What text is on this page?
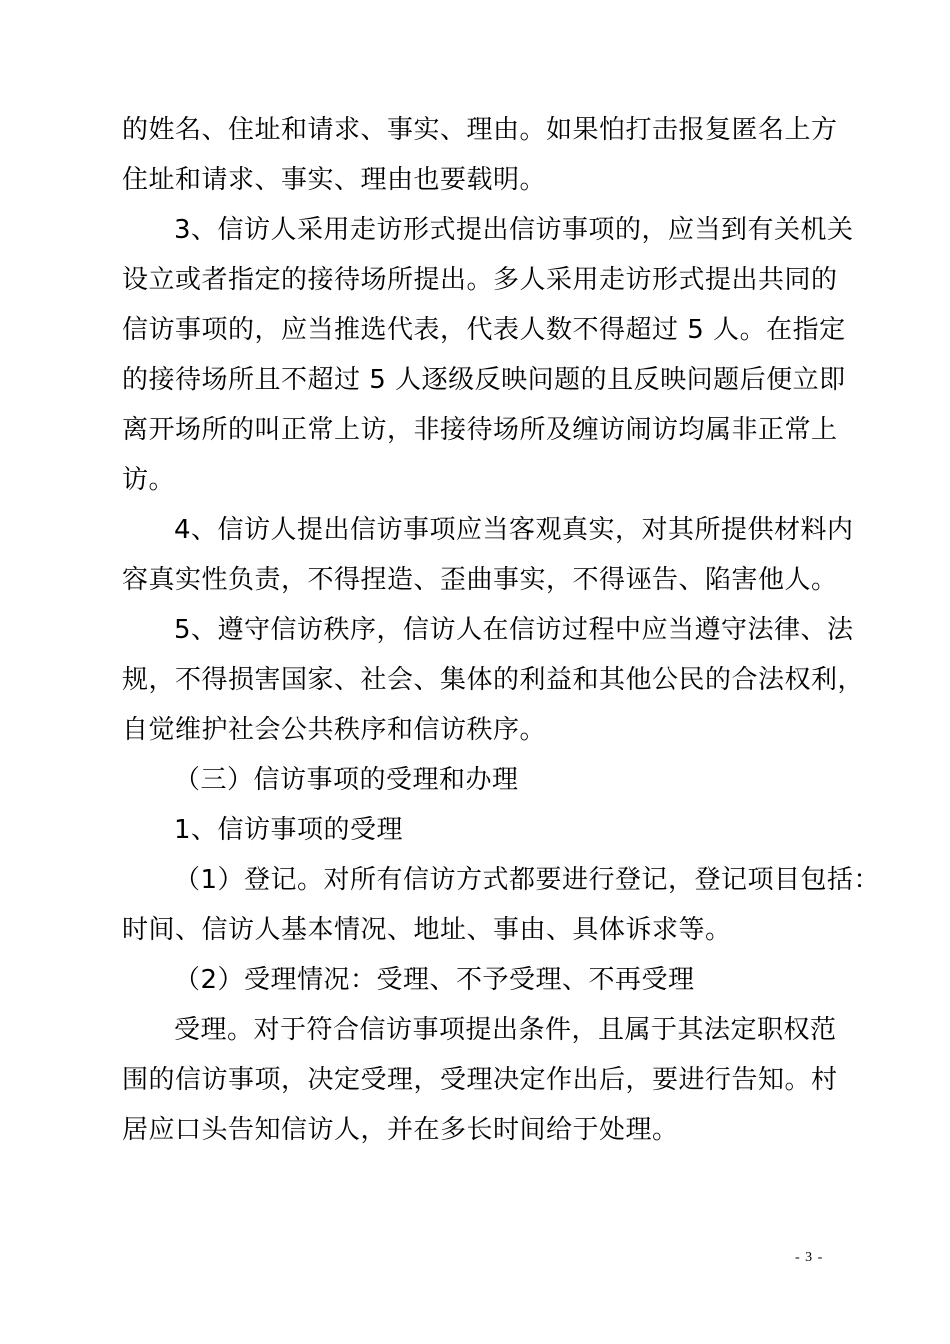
的姓名、住址和请求、事实、理由。如果怕打击报复匿名上方
住址和请求、事实、理由也要载明。
3、信访人采用走访形式提出信访事项的，应当到有关机关
设立或者指定的接待场所提出。多人采用走访形式提出共同的
信访事项的，应当推选代表，代表人数不得超过 5 人。在指定
的接待场所且不超过 5 人逐级反映问题的且反映问题后便立即
离开场所的叫正常上访，非接待场所及缠访闹访均属非正常上
访。
4、信访人提出信访事项应当客观真实，对其所提供材料内
容真实性负责，不得捏造、歪曲事实，不得诬告、陷害他人。
5、遵守信访秩序，信访人在信访过程中应当遵守法律、法
规，不得损害国家、社会、集体的利益和其他公民的合法权利，
自觉维护社会公共秩序和信访秩序。
（三）信访事项的受理和办理
1、信访事项的受理
（1）登记。对所有信访方式都要进行登记，登记项目包括：
时间、信访人基本情况、地址、事由、具体诉求等。
（2）受理情况：受理、不予受理、不再受理
受理。对于符合信访事项提出条件，且属于其法定职权范
围的信访事项，决定受理，受理决定作出后，要进行告知。村
居应口头告知信访人，并在多长时间给于处理。
- 3 -
